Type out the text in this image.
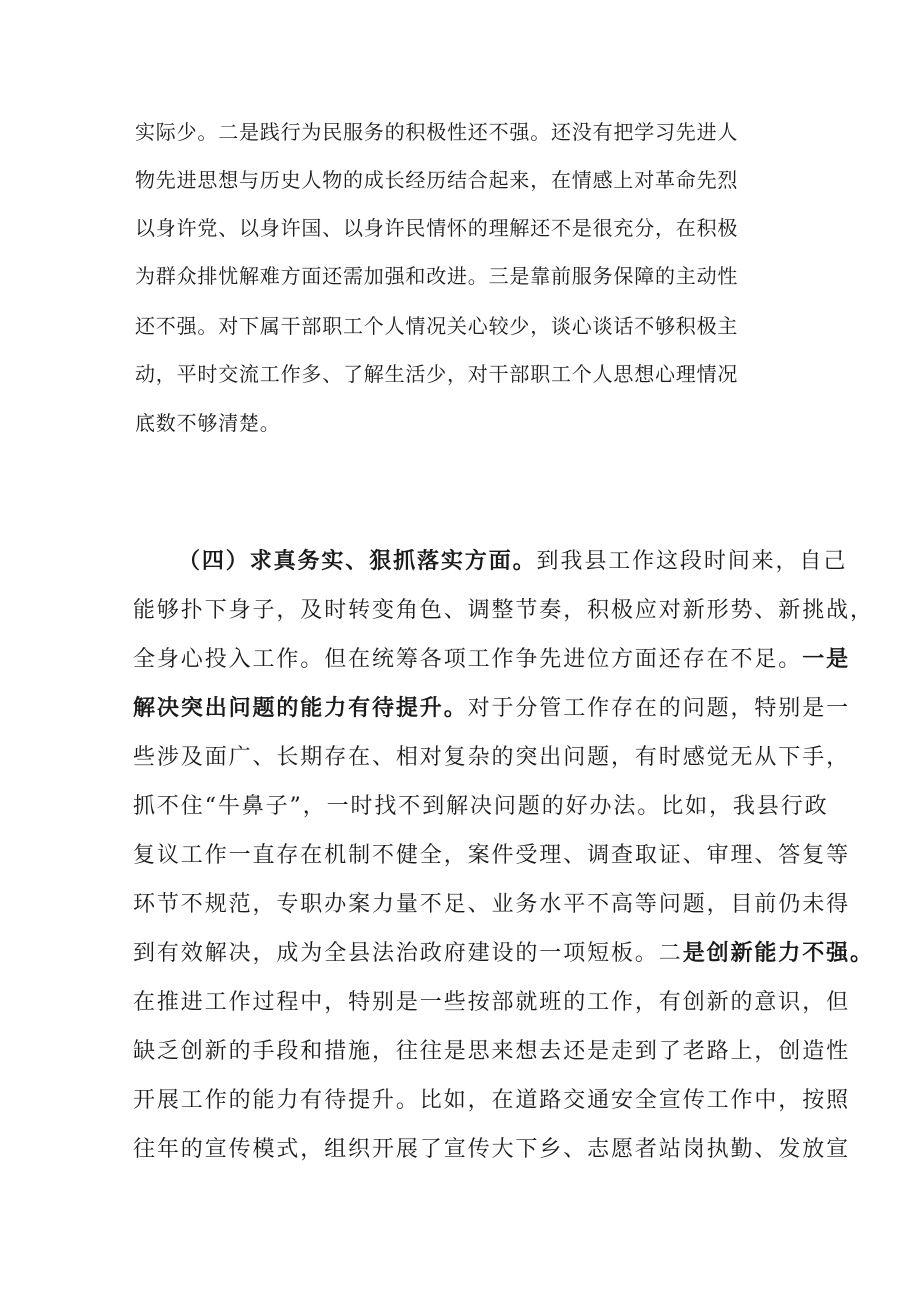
实际少。二是践行为民服务的积极性还不强。还没有把学习先进人
物先进思想与历史人物的成长经历结合起来，在情感上对革命先烈
以身许党、以身许国、以身许民情怀的理解还不是很充分，在积极
为群众排忧解难方面还需加强和改进。三是靠前服务保障的主动性
还不强。对下属干部职工个人情况关心较少，谈心谈话不够积极主
动，平时交流工作多、了解生活少，对干部职工个人思想心理情况
底数不够清楚。
（四）求真务实、狠抓落实方面。到我县工作这段时间来，自己
能够扑下身子，及时转变角色、调整节奏，积极应对新形势、新挑战，
全身心投入工作。但在统筹各项工作争先进位方面还存在不足。一是
解决突出问题的能力有待提升。对于分管工作存在的问题，特别是一
些涉及面广、长期存在、相对复杂的突出问题，有时感觉无从下手，
抓不住“牛鼻子”，一时找不到解决问题的好办法。比如，我县行政
复议工作一直存在机制不健全，案件受理、调查取证、审理、答复等
环节不规范，专职办案力量不足、业务水平不高等问题，目前仍未得
到有效解决，成为全县法治政府建设的一项短板。二是创新能力不强。
在推进工作过程中，特别是一些按部就班的工作，有创新的意识，但
缺乏创新的手段和措施，往往是思来想去还是走到了老路上，创造性
开展工作的能力有待提升。比如，在道路交通安全宣传工作中，按照
往年的宣传模式，组织开展了宣传大下乡、志愿者站岗执勤、发放宣
